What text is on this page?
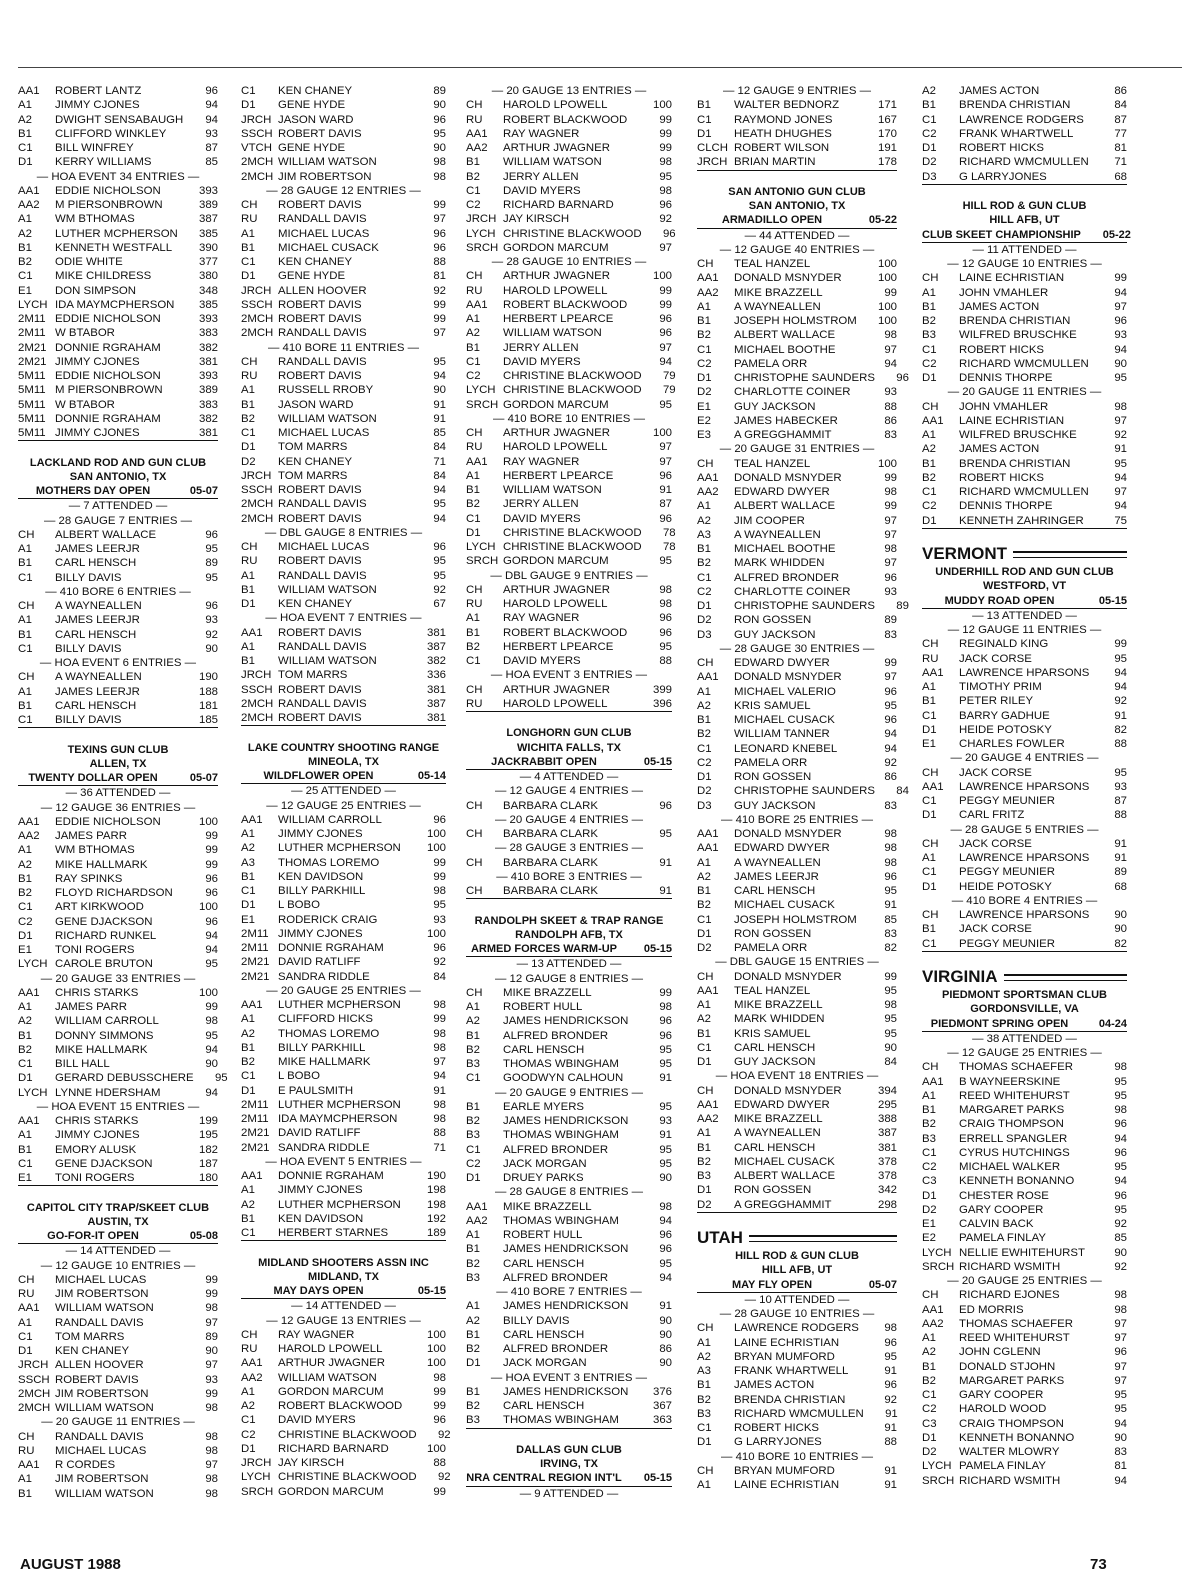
AA1	ROBERT LANTZ	96
A1	JIMMY CJONES	94
A2	DWIGHT SENSABAUGH	94
B1	CLIFFORD WINKLEY	93
C1	BILL WINFREY	87
D1	KERRY WILLIAMS	85
— HOA EVENT 34 ENTRIES —
AA1	EDDIE NICHOLSON	393
AA2	M PIERSONBROWN	389
A1	WM BTHOMAS	387
A2	LUTHER MCPHERSON	385
B1	KENNETH WESTFALL	390
B2	ODIE WHITE	377
C1	MIKE CHILDRESS	380
E1	DON SIMPSON	348
LYCH IDA MAYMCPHERSON	385
2M11 EDDIE NICHOLSON	393
2M11 W BTABOR	383
2M21 DONNIE RGRAHAM	382
2M21 JIMMY CJONES	381
5M11 EDDIE NICHOLSON	393
5M11 M PIERSONBROWN	389
5M11 W BTABOR	383
5M11 DONNIE RGRAHAM	382
5M11 JIMMY CJONES	381
LACKLAND ROD AND GUN CLUB
SAN ANTONIO, TX
MOTHERS DAY OPEN	05-07
— 7 ATTENDED —
— 28 GAUGE 7 ENTRIES —
CH	ALBERT WALLACE	96
A1	JAMES LEERJR	95
B1	CARL HENSCH	89
C1	BILLY DAVIS	95
— 410 BORE 6 ENTRIES —
CH	A WAYNEALLEN	96
A1	JAMES LEERJR	93
B1	CARL HENSCH	92
C1	BILLY DAVIS	90
— HOA EVENT 6 ENTRIES —
CH	A WAYNEALLEN	190
A1	JAMES LEERJR	188
B1	CARL HENSCH	181
C1	BILLY DAVIS	185
TEXINS GUN CLUB
ALLEN, TX
TWENTY DOLLAR OPEN	05-07
— 36 ATTENDED —
— 12 GAUGE 36 ENTRIES —
AA1	EDDIE NICHOLSON	100
AA2	JAMES PARR	99
A1	WM BTHOMAS	99
A2	MIKE HALLMARK	99
B1	RAY SPINKS	96
B2	FLOYD RICHARDSON	96
C1	ART KIRKWOOD	100
C2	GENE DJACKSON	96
D1	RICHARD RUNKEL	94
E1	TONI ROGERS	94
LYCH CAROLE BRUTON	95
— 20 GAUGE 33 ENTRIES —
AA1	CHRIS STARKS	100
A1	JAMES PARR	99
A2	WILLIAM CARROLL	98
B1	DONNY SIMMONS	95
B2	MIKE HALLMARK	94
C1	BILL HALL	90
D1	GERARD DEBUSSCHERE	95
LYCH LYNNE HDERSHAM	94
— HOA EVENT 15 ENTRIES —
AA1	CHRIS STARKS	199
A1	JIMMY CJONES	195
B1	EMORY ALUSK	182
C1	GENE DJACKSON	187
E1	TONI ROGERS	180
CAPITOL CITY TRAP/SKEET CLUB
AUSTIN, TX
GO-FOR-IT OPEN	05-08
— 14 ATTENDED —
— 12 GAUGE 10 ENTRIES —
CH	MICHAEL LUCAS	99
RU	JIM ROBERTSON	99
AA1	WILLIAM WATSON	98
A1	RANDALL DAVIS	97
C1	TOM MARRS	89
D1	KEN CHANEY	90
JRCH ALLEN HOOVER	97
SSCH ROBERT DAVIS	93
2MCH JIM ROBERTSON	99
2MCH WILLIAM WATSON	98
— 20 GAUGE 11 ENTRIES —
CH	RANDALL DAVIS	98
RU	MICHAEL LUCAS	98
AA1	R CORDES	97
A1	JIM ROBERTSON	98
B1	WILLIAM WATSON	98
C1	KEN CHANEY	89
D1	GENE HYDE	90
JRCH JASON WARD	96
SSCH ROBERT DAVIS	95
VTCH GENE HYDE	90
2MCH WILLIAM WATSON	98
2MCH JIM ROBERTSON	98
— 28 GAUGE 12 ENTRIES —
CH	ROBERT DAVIS	99
RU	RANDALL DAVIS	97
A1	MICHAEL LUCAS	96
B1	MICHAEL CUSACK	96
C1	KEN CHANEY	88
D1	GENE HYDE	81
JRCH ALLEN HOOVER	92
SSCH ROBERT DAVIS	99
2MCH ROBERT DAVIS	99
2MCH RANDALL DAVIS	97
— 410 BORE 11 ENTRIES —
CH	RANDALL DAVIS	95
RU	ROBERT DAVIS	94
A1	RUSSELL RROBY	90
B1	JASON WARD	91
B2	WILLIAM WATSON	91
C1	MICHAEL LUCAS	85
D1	TOM MARRS	84
D2	KEN CHANEY	71
JRCH TOM MARRS	84
SSCH ROBERT DAVIS	94
2MCH RANDALL DAVIS	95
2MCH ROBERT DAVIS	94
— DBL GAUGE 8 ENTRIES —
CH	MICHAEL LUCAS	96
RU	ROBERT DAVIS	95
A1	RANDALL DAVIS	95
B1	WILLIAM WATSON	92
D1	KEN CHANEY	67
— HOA EVENT 7 ENTRIES —
AA1	ROBERT DAVIS	381
A1	RANDALL DAVIS	387
B1	WILLIAM WATSON	382
JRCH TOM MARRS	336
SSCH ROBERT DAVIS	381
2MCH RANDALL DAVIS	387
2MCH ROBERT DAVIS	381
LAKE COUNTRY SHOOTING RANGE
MINEOLA, TX
WILDFLOWER OPEN	05-14
— 25 ATTENDED —
— 12 GAUGE 25 ENTRIES —
AA1	WILLIAM CARROLL	96
A1	JIMMY CJONES	100
A2	LUTHER MCPHERSON	100
A3	THOMAS LOREMO	99
B1	KEN DAVIDSON	99
C1	BILLY PARKHILL	98
D1	L BOBO	95
E1	RODERICK CRAIG	93
2M11 JIMMY CJONES	100
2M11 DONNIE RGRAHAM	96
2M21 DAVID RATLIFF	92
2M21 SANDRA RIDDLE	84
— 20 GAUGE 25 ENTRIES —
AA1	LUTHER MCPHERSON	98
A1	CLIFFORD HICKS	99
A2	THOMAS LOREMO	98
B1	BILLY PARKHILL	98
B2	MIKE HALLMARK	97
C1	L BOBO	94
D1	E PAULSMITH	91
2M11 LUTHER MCPHERSON	98
2M11 IDA MAYMCPHERSON	98
2M21 DAVID RATLIFF	88
2M21 SANDRA RIDDLE	71
— HOA EVENT 5 ENTRIES —
AA1	DONNIE RGRAHAM	190
A1	JIMMY CJONES	198
A2	LUTHER MCPHERSON	198
B1	KEN DAVIDSON	192
C1	HERBERT STARNES	189
MIDLAND SHOOTERS ASSN INC
MIDLAND, TX
MAY DAYS OPEN	05-15
— 14 ATTENDED —
— 12 GAUGE 13 ENTRIES —
CH	RAY WAGNER	100
RU	HAROLD LPOWELL	100
AA1	ARTHUR JWAGNER	100
AA2	WILLIAM WATSON	98
A1	GORDON MARCUM	99
A2	ROBERT BLACKWOOD	99
C1	DAVID MYERS	96
C2	CHRISTINE BLACKWOOD	92
D1	RICHARD BARNARD	100
JRCH JAY KIRSCH	88
LYCH CHRISTINE BLACKWOOD	92
SRCH GORDON MARCUM	99
— 20 GAUGE 13 ENTRIES —
CH	HAROLD LPOWELL	100
RU	ROBERT BLACKWOOD	99
AA1	RAY WAGNER	99
AA2	ARTHUR JWAGNER	99
B1	WILLIAM WATSON	98
B2	JERRY ALLEN	95
C1	DAVID MYERS	98
C2	RICHARD BARNARD	96
JRCH JAY KIRSCH	92
LYCH CHRISTINE BLACKWOOD	96
SRCH GORDON MARCUM	97
— 28 GAUGE 10 ENTRIES —
CH	ARTHUR JWAGNER	100
RU	HAROLD LPOWELL	99
AA1	ROBERT BLACKWOOD	99
A1	HERBERT LPEARCE	96
A2	WILLIAM WATSON	96
B1	JERRY ALLEN	97
C1	DAVID MYERS	94
C2	CHRISTINE BLACKWOOD	79
LYCH CHRISTINE BLACKWOOD	79
SRCH GORDON MARCUM	95
— 410 BORE 10 ENTRIES —
CH	ARTHUR JWAGNER	100
RU	HAROLD LPOWELL	97
AA1	RAY WAGNER	97
A1	HERBERT LPEARCE	96
B1	WILLIAM WATSON	91
B2	JERRY ALLEN	87
C1	DAVID MYERS	96
D1	CHRISTINE BLACKWOOD	78
LYCH CHRISTINE BLACKWOOD	78
SRCH GORDON MARCUM	95
— DBL GAUGE 9 ENTRIES —
CH	ARTHUR JWAGNER	98
RU	HAROLD LPOWELL	98
A1	RAY WAGNER	96
B1	ROBERT BLACKWOOD	96
B2	HERBERT LPEARCE	95
C1	DAVID MYERS	88
— HOA EVENT 3 ENTRIES —
CH	ARTHUR JWAGNER	399
RU	HAROLD LPOWELL	396
LONGHORN GUN CLUB
WICHITA FALLS, TX
JACKRABBIT OPEN	05-15
— 4 ATTENDED —
— 12 GAUGE 4 ENTRIES —
CH	BARBARA CLARK	96
— 20 GAUGE 4 ENTRIES —
CH	BARBARA CLARK	95
— 28 GAUGE 3 ENTRIES —
CH	BARBARA CLARK	91
— 410 BORE 3 ENTRIES —
CH	BARBARA CLARK	91
RANDOLPH SKEET & TRAP RANGE
RANDOLPH AFB, TX
ARMED FORCES WARM-UP	05-15
— 13 ATTENDED —
— 12 GAUGE 8 ENTRIES —
CH	MIKE BRAZZELL	99
A1	ROBERT HULL	98
A2	JAMES HENDRICKSON	96
B1	ALFRED BRONDER	96
B2	CARL HENSCH	95
B3	THOMAS WBINGHAM	95
C1	GOODWYN CALHOUN	91
— 20 GAUGE 9 ENTRIES —
B1	EARLE MYERS	95
B2	JAMES HENDRICKSON	93
B3	THOMAS WBINGHAM	91
C1	ALFRED BRONDER	95
C2	JACK MORGAN	95
D1	DRUEY PARKS	90
— 28 GAUGE 8 ENTRIES —
AA1	MIKE BRAZZELL	98
AA2	THOMAS WBINGHAM	94
A1	ROBERT HULL	96
B1	JAMES HENDRICKSON	96
B2	CARL HENSCH	95
B3	ALFRED BRONDER	94
— 410 BORE 7 ENTRIES —
A1	JAMES HENDRICKSON	91
A2	BILLY DAVIS	90
B1	CARL HENSCH	90
B2	ALFRED BRONDER	86
D1	JACK MORGAN	90
— HOA EVENT 3 ENTRIES —
B1	JAMES HENDRICKSON	376
B2	CARL HENSCH	367
B3	THOMAS WBINGHAM	363
DALLAS GUN CLUB
IRVING, TX
NRA CENTRAL REGION INT'L	05-15
— 9 ATTENDED —
— 12 GAUGE 9 ENTRIES —
B1	WALTER BEDNORZ	171
C1	RAYMOND JONES	167
D1	HEATH DHUGHES	170
CLCH ROBERT WILSON	191
JRCH BRIAN MARTIN	178
SAN ANTONIO GUN CLUB
SAN ANTONIO, TX
ARMADILLO OPEN	05-22
— 44 ATTENDED —
— 12 GAUGE 40 ENTRIES —
CH	TEAL HANZEL	100
AA1	DONALD MSNYDER	100
AA2	MIKE BRAZZELL	99
A1	A WAYNEALLEN	100
B1	JOSEPH HOLMSTROM	100
B2	ALBERT WALLACE	98
C1	MICHAEL BOOTHE	97
C2	PAMELA ORR	94
D1	CHRISTOPHE SAUNDERS	96
D2	CHARLOTTE COINER	93
E1	GUY JACKSON	88
E2	JAMES HABECKER	86
E3	A GREGGHAMMIT	83
— 20 GAUGE 31 ENTRIES —
CH	TEAL HANZEL	100
AA1	DONALD MSNYDER	99
AA2	EDWARD DWYER	98
A1	ALBERT WALLACE	99
A2	JIM COOPER	97
A3	A WAYNEALLEN	97
B1	MICHAEL BOOTHE	98
B2	MARK WHIDDEN	97
C1	ALFRED BRONDER	96
C2	CHARLOTTE COINER	93
D1	CHRISTOPHE SAUNDERS	89
D2	RON GOSSEN	89
D3	GUY JACKSON	83
— 28 GAUGE 30 ENTRIES —
CH	EDWARD DWYER	99
AA1	DONALD MSNYDER	97
A1	MICHAEL VALERIO	96
A2	KRIS SAMUEL	95
B1	MICHAEL CUSACK	96
B2	WILLIAM TANNER	94
C1	LEONARD KNEBEL	94
C2	PAMELA ORR	92
D1	RON GOSSEN	86
D2	CHRISTOPHE SAUNDERS	84
D3	GUY JACKSON	83
— 410 BORE 25 ENTRIES —
AA1	DONALD MSNYDER	98
AA1	EDWARD DWYER	98
A1	A WAYNEALLEN	98
A2	JAMES LEERJR	96
B1	CARL HENSCH	95
B2	MICHAEL CUSACK	91
C1	JOSEPH HOLMSTROM	85
D1	RON GOSSEN	83
D2	PAMELA ORR	82
— DBL GAUGE 15 ENTRIES —
CH	DONALD MSNYDER	99
AA1	TEAL HANZEL	95
A1	MIKE BRAZZELL	98
A2	MARK WHIDDEN	95
B1	KRIS SAMUEL	95
C1	CARL HENSCH	90
D1	GUY JACKSON	84
— HOA EVENT 18 ENTRIES —
CH	DONALD MSNYDER	394
AA1	EDWARD DWYER	295
AA2	MIKE BRAZZELL	388
A1	A WAYNEALLEN	387
B1	CARL HENSCH	381
B2	MICHAEL CUSACK	378
B3	ALBERT WALLACE	378
D1	RON GOSSEN	342
D2	A GREGGHAMMIT	298
UTAH
HILL ROD & GUN CLUB
HILL AFB, UT
MAY FLY OPEN	05-07
— 10 ATTENDED —
— 28 GAUGE 10 ENTRIES —
CH	LAWRENCE RODGERS	98
A1	LAINE ECHRISTIAN	96
A2	BRYAN MUMFORD	95
A3	FRANK WHARTWELL	91
B1	JAMES ACTON	96
B2	BRENDA CHRISTIAN	92
B3	RICHARD WMCMULLEN	91
C1	ROBERT HICKS	91
D1	G LARRYJONES	88
— 410 BORE 10 ENTRIES —
CH	BRYAN MUMFORD	91
A1	LAINE ECHRISTIAN	91
A2	JAMES ACTON	86
B1	BRENDA CHRISTIAN	84
C1	LAWRENCE RODGERS	87
C2	FRANK WHARTWELL	77
D1	ROBERT HICKS	81
D2	RICHARD WMCMULLEN	71
D3	G LARRYJONES	68
HILL ROD & GUN CLUB
HILL AFB, UT
CLUB SKEET CHAMPIONSHIP	05-22
— 11 ATTENDED —
— 12 GAUGE 10 ENTRIES —
CH	LAINE ECHRISTIAN	99
A1	JOHN VMAHLER	94
B1	JAMES ACTON	97
B2	BRENDA CHRISTIAN	96
B3	WILFRED BRUSCHKE	93
C1	ROBERT HICKS	94
C2	RICHARD WMCMULLEN	90
D1	DENNIS THORPE	95
— 20 GAUGE 11 ENTRIES —
CH	JOHN VMAHLER	98
AA1	LAINE ECHRISTIAN	97
A1	WILFRED BRUSCHKE	92
A2	JAMES ACTON	91
B1	BRENDA CHRISTIAN	95
B2	ROBERT HICKS	94
C1	RICHARD WMCMULLEN	97
C2	DENNIS THORPE	94
D1	KENNETH ZAHRINGER	75
VERMONT
UNDERHILL ROD AND GUN CLUB
WESTFORD, VT
MUDDY ROAD OPEN	05-15
— 13 ATTENDED —
— 12 GAUGE 11 ENTRIES —
CH	REGINALD KING	99
RU	JACK CORSE	95
AA1	LAWRENCE HPARSONS	94
A1	TIMOTHY PRIM	94
B1	PETER RILEY	92
C1	BARRY GADHUE	91
D1	HEIDE POTOSKY	82
E1	CHARLES FOWLER	88
— 20 GAUGE 4 ENTRIES —
CH	JACK CORSE	95
AA1	LAWRENCE HPARSONS	93
C1	PEGGY MEUNIER	87
D1	CARL FRITZ	88
— 28 GAUGE 5 ENTRIES —
CH	JACK CORSE	91
A1	LAWRENCE HPARSONS	91
C1	PEGGY MEUNIER	89
D1	HEIDE POTOSKY	68
— 410 BORE 4 ENTRIES —
CH	LAWRENCE HPARSONS	90
B1	JACK CORSE	90
C1	PEGGY MEUNIER	82
VIRGINIA
PIEDMONT SPORTSMAN CLUB
GORDONSVILLE, VA
PIEDMONT SPRING OPEN	04-24
— 38 ATTENDED —
— 12 GAUGE 25 ENTRIES —
CH	THOMAS SCHAEFER	98
AA1	B WAYNEERSKINE	95
A1	REED WHITEHURST	95
B1	MARGARET PARKS	98
B2	CRAIG THOMPSON	96
B3	ERRELL SPANGLER	94
C1	CYRUS HUTCHINGS	96
C2	MICHAEL WALKER	95
C3	KENNETH BONANNO	94
D1	CHESTER ROSE	96
D2	GARY COOPER	95
E1	CALVIN BACK	92
E2	PAMELA FINLAY	85
LYCH NELLIE EWHITEHURST	90
SRCH RICHARD WSMITH	92
— 20 GAUGE 25 ENTRIES —
CH	RICHARD EJONES	98
AA1	ED MORRIS	98
AA2	THOMAS SCHAEFER	97
A1	REED WHITEHURST	97
A2	JOHN CGLENN	96
B1	DONALD STJOHN	97
B2	MARGARET PARKS	97
C1	GARY COOPER	95
C2	HAROLD WOOD	95
C3	CRAIG THOMPSON	94
D1	KENNETH BONANNO	90
D2	WALTER MLOWRY	83
LYCH PAMELA FINLAY	81
SRCH RICHARD WSMITH	94
AUGUST 1988	73
